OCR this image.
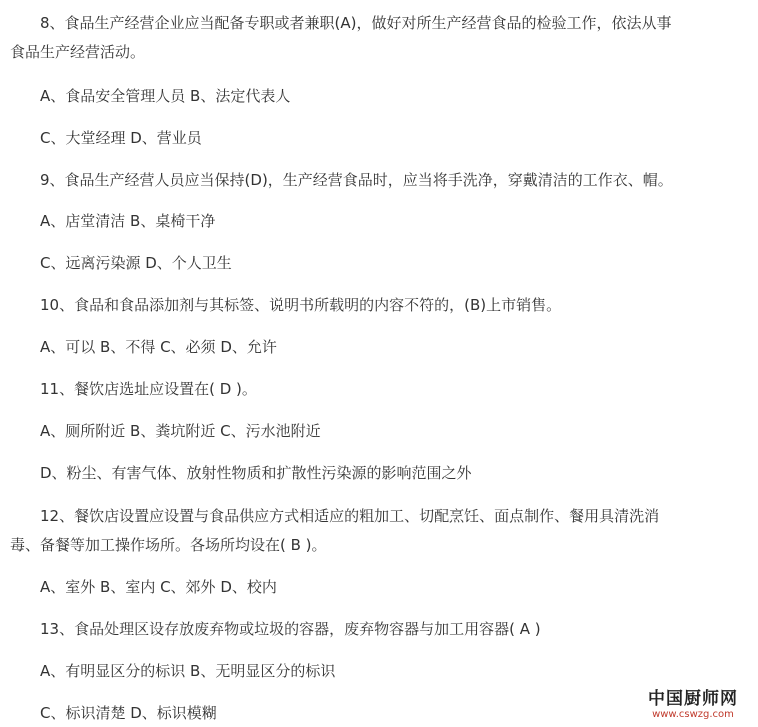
8、食品生产经营企业应当配备专职或者兼职(A)，做好对所生产经营食品的检验工作，依法从事

食品生产经营活动。

A、食品安全管理人员 B、法定代表人

C、大堂经理 D、营业员

9、食品生产经营人员应当保持(D)，生产经营食品时，应当将手洗净，穿戴清洁的工作衣、帽。

A、店堂清洁 B、桌椅干净

C、远离污染源 D、个人卫生

10、食品和食品添加剂与其标签、说明书所载明的内容不符的，(B)上市销售。

A、可以 B、不得 C、必须 D、允许

11、餐饮店选址应设置在( D )。

A、厕所附近 B、粪坑附近 C、污水池附近

D、粉尘、有害气体、放射性物质和扩散性污染源的影响范围之外

12、餐饮店设置应设置与食品供应方式相适应的粗加工、切配烹饪、面点制作、餐用具清洗消

毒、备餐等加工操作场所。各场所均设在( B )。

A、室外 B、室内 C、郊外 D、校内

13、食品处理区设存放废弃物或垃圾的容器，废弃物容器与加工用容器( A )

A、有明显区分的标识 B、无明显区分的标识

C、标识清楚 D、标识模糊

中国厨师网
www.cswzg.com
